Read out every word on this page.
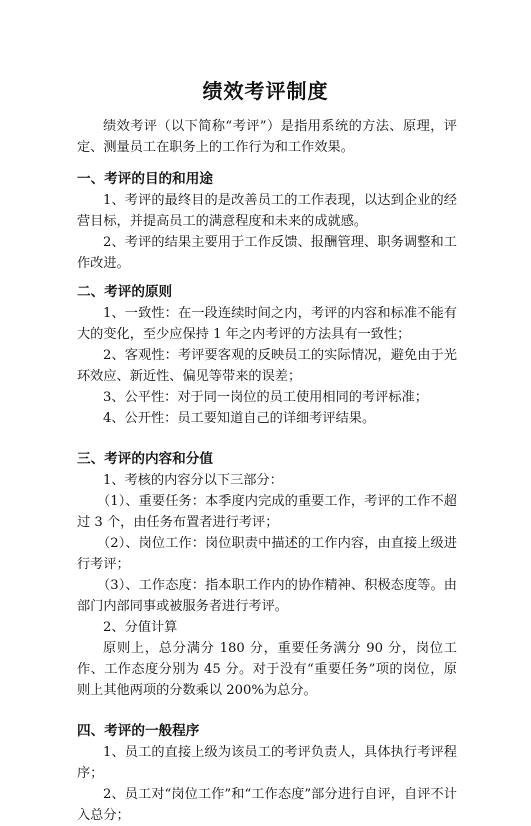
绩效考评制度

绩效考评（以下简称“考评”）是指用系统的方法、原理，评定、测量员工在职务上的工作行为和工作效果。

一、考评的目的和用途

1、考评的最终目的是改善员工的工作表现，以达到企业的经营目标，并提高员工的满意程度和未来的成就感。

2、考评的结果主要用于工作反馈、报酬管理、职务调整和工作改进。

二、考评的原则

1、一致性：在一段连续时间之内，考评的内容和标准不能有大的变化，至少应保持 1 年之内考评的方法具有一致性；

2、客观性：考评要客观的反映员工的实际情况，避免由于光环效应、新近性、偏见等带来的误差；

3、公平性：对于同一岗位的员工使用相同的考评标准；

4、公开性：员工要知道自己的详细考评结果。

三、考评的内容和分值

1、考核的内容分以下三部分：

（1）、重要任务：本季度内完成的重要工作，考评的工作不超过 3 个，由任务布置者进行考评；

（2）、岗位工作：岗位职责中描述的工作内容，由直接上级进行考评；

（3）、工作态度：指本职工作内的协作精神、积极态度等。由部门内部同事或被服务者进行考评。

2、分值计算

原则上，总分满分 180 分，重要任务满分 90 分，岗位工作、工作态度分别为 45 分。对于没有“重要任务”项的岗位，原则上其他两项的分数乘以 200%为总分。

四、考评的一般程序

1、员工的直接上级为该员工的考评负责人，具体执行考评程序；

2、员工对“岗位工作”和“工作态度”部分进行自评，自评不计入总分；
